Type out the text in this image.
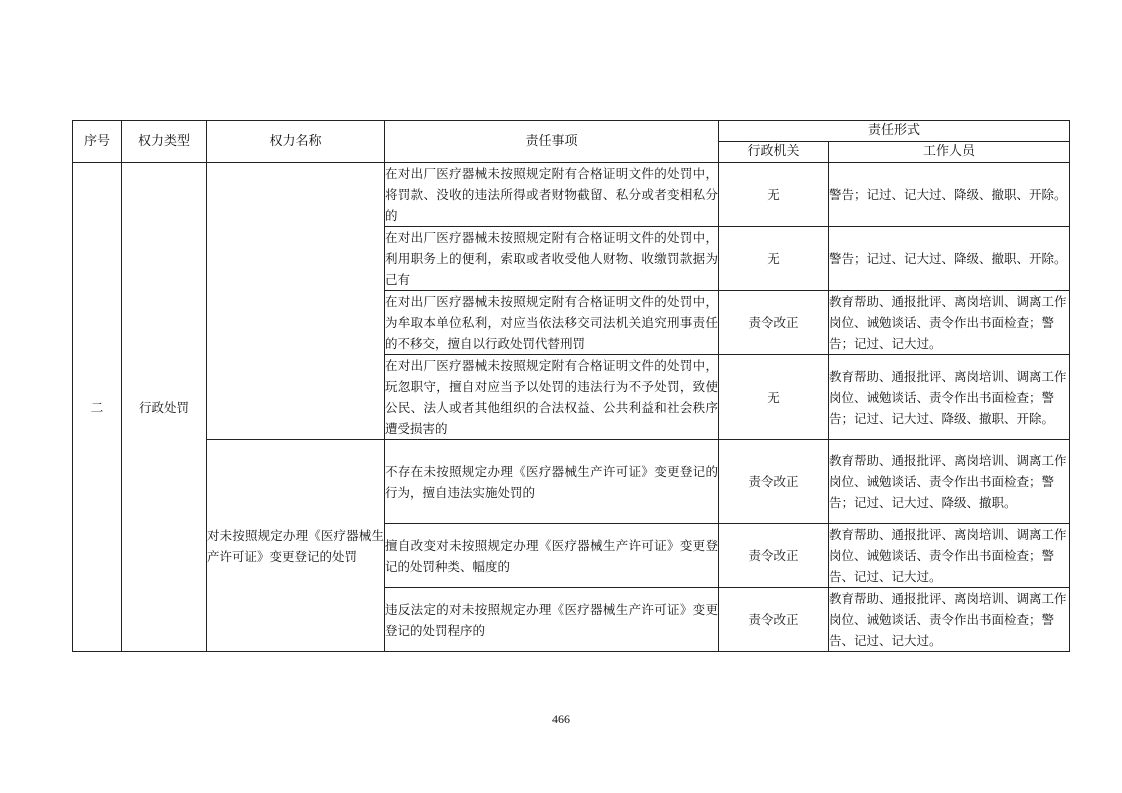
序号	权力类型	权力名称	责任事项	责任形式	
				行政机关	工作人员
二	行政处罚		在对出厂医疗器械未按照规定附有合格证明文件的处罚中，将罚款、没收的违法所得或者财物截留、私分或者变相私分的	无	警告；记过、记大过、降级、撤职、开除。
			在对出厂医疗器械未按照规定附有合格证明文件的处罚中，利用职务上的便利，索取或者收受他人财物、收缴罚款据为己有	无	警告；记过、记大过、降级、撤职、开除。
			在对出厂医疗器械未按照规定附有合格证明文件的处罚中，为牟取本单位私利，对应当依法移交司法机关追究刑事责任的不移交，擅自以行政处罚代替刑罚	责令改正	教育帮助、通报批评、离岗培训、调离工作岗位、诫勉谈话、责令作出书面检查；警告；记过、记大过。
			在对出厂医疗器械未按照规定附有合格证明文件的处罚中，玩忽职守，擅自对应当予以处罚的违法行为不予处罚，致使公民、法人或者其他组织的合法权益、公共利益和社会秩序遭受损害的	无	教育帮助、通报批评、离岗培训、调离工作岗位、诫勉谈话、责令作出书面检查；警告；记过、记大过、降级、撤职、开除。
		对未按照规定办理《医疗器械生产许可证》变更登记的处罚	不存在未按照规定办理《医疗器械生产许可证》变更登记的行为，擅自违法实施处罚的	责令改正	教育帮助、通报批评、离岗培训、调离工作岗位、诫勉谈话、责令作出书面检查；警告；记过、记大过、降级、撤职。
			擅自改变对未按照规定办理《医疗器械生产许可证》变更登记的处罚种类、幅度的	责令改正	教育帮助、通报批评、离岗培训、调离工作岗位、诫勉谈话、责令作出书面检查；警告、记过、记大过。
			违反法定的对未按照规定办理《医疗器械生产许可证》变更登记的处罚程序的	责令改正	教育帮助、通报批评、离岗培训、调离工作岗位、诫勉谈话、责令作出书面检查；警告、记过、记大过。
466
